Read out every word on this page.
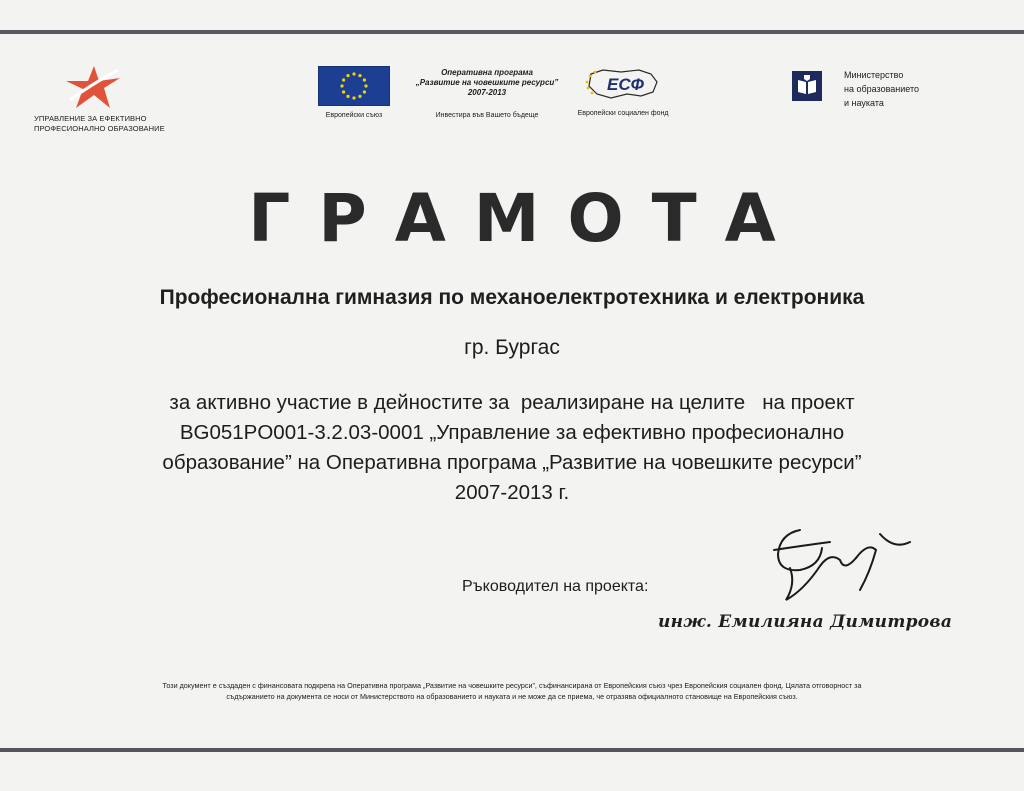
УПРАВЛЕНИЕ ЗА ЕФЕКТИВНО
ПРОФЕСИОНАЛНО ОБРАЗОВАНИЕ
Европейски съюз
Оперативна програма
„Развитие на човешките ресурси”
2007-2013
Инвестира във Вашето бъдеще
ЕСФ
Европейски социален фонд
Министерство
на образованието
и науката
ГРАМОТА
Професионална гимназия по механоелектротехника и електроника
гр. Бургас
за активно участие в дейностите за  реализиране на целите   на проект
BG051PO001-3.2.03-0001 „Управление за ефективно професионално
образование” на Оперативна програма „Развитие на човешките ресурси”
2007-2013 г.
Ръководител на проекта:
инж. Емилияна Димитрова
Този документ е създаден с финансовата подкрепа на Оперативна програма „Развитие на човешките ресурси”, съфинансирана от Европейския съюз чрез Европейския социален фонд. Цялата отговорност за
съдържанието на документа се носи от Министерството на образованието и науката и не може да се приема, че отразява официалното становище на Европейския съюз.
